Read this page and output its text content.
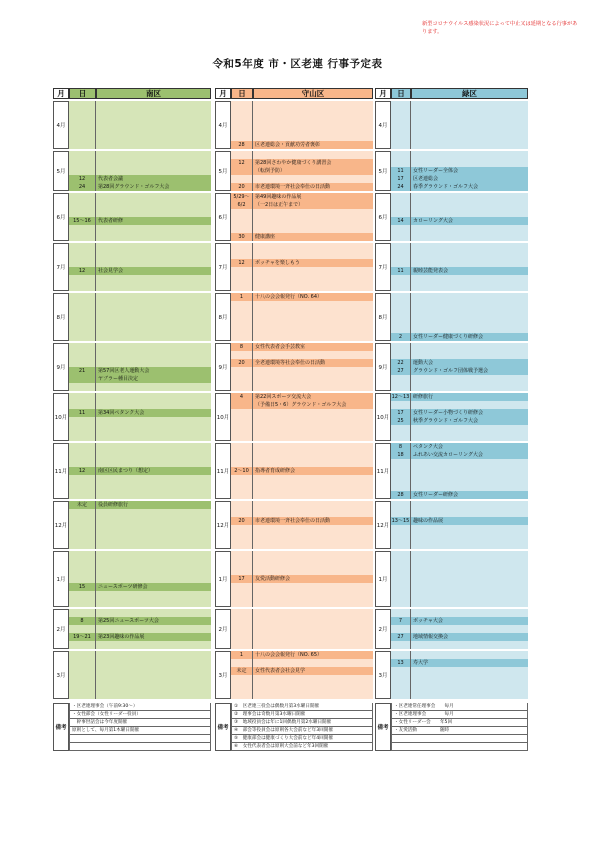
新型コロナウイルス感染状況によって中止又は延期となる行事があります。
令和5年度 市・区老連 行事予定表
月	日	南区
4月
5月
12	代表者会議
24	第28回グラウンド・ゴルフ大会
6月	15～16	代表者研修
7月	12	社会見学会
8月
9月	21	第57回区老人運動大会
ヤブラー種目決定
10月
11	第34回ペタンク大会
11月	12	南区区民まつり（想定）
12月
未定	役員研修旅行
1月
15	ニュースポーツ研修会
2月
8	第25回ニュースポーツ大会
19～21	第23回趣味の作品展
3月
備考
・区老連理事会（午前9:30～）
・女性部会（女性リーダー役員）
　幹事世話会は今年度開催
原則として、毎月第1木曜日開催
月	日	守山区
4月
28	区老連総会・貢献功労者褒彰
5月
12	第28回さわやか健康づくり講習会
（転倒予防）
20	市老連環境一斉社会奉仕の日活動
6月
5/29～	第49回趣味の作品展
6/2	（一2日は正午まで）
30	健康講座
7月
12	ボッチャを楽しもう
8月
1	十八の会会報発行（NO. 64）
9月
8	女性代表者会手芸教室
20	全老連環境等社会奉仕の日活動
10月
4	第22回スポーツ交流大会
（予備日5・6）グラウンド・ゴルフ大会
11月 2～10	指導者育成研修会
12月
20	市老連環境一斉社会奉仕の日活動
1月	17	友愛活動研修会
2月
3月
1	十八の会会報発行（NO. 65）
未定	女性代表者会社会見学
備考
①　区老連三役会は偶数月第3水曜日開催
②　理事会は奇数月第3水曜日開催
③　地域役員会は年に1回偶数月第2水曜日開催
④　部会等役員会は原則各大会前など年3回開催
⑤　健康部会は健康づくり大会前など年4回開催
⑥　女性代表者会は原則大会前など年3回開催
月	日	緑区
4月
5月	11	女性リーダー全体会
17	区老連総会
24	春季グラウンド・ゴルフ大会
6月	14	カローリング大会
7月	11	親睦芸能発表会
8月
2	女性リーダー健康づくり研修会
9月
22	運動大会
27	グラウンド・ゴルフ団体戦予選会
10月
12～13 研修旅行
17	女性リーダー小物づくり研修会
25	秋季グラウンド・ゴルフ大会
11月
8	ペタンク大会
18	ふれあい交流カローリング大会
28	女性リーダー研修会
12月
13～15 趣味の作品展
1月
2月
7	ボッチャ大会
27	地域情報交換会
3月
13	寿大学
備考
・区老連常任理事会　　毎月
・区老連理事会　　　　毎月
・女性リーダー会　　年5回
・友愛活動　　　　　随時
